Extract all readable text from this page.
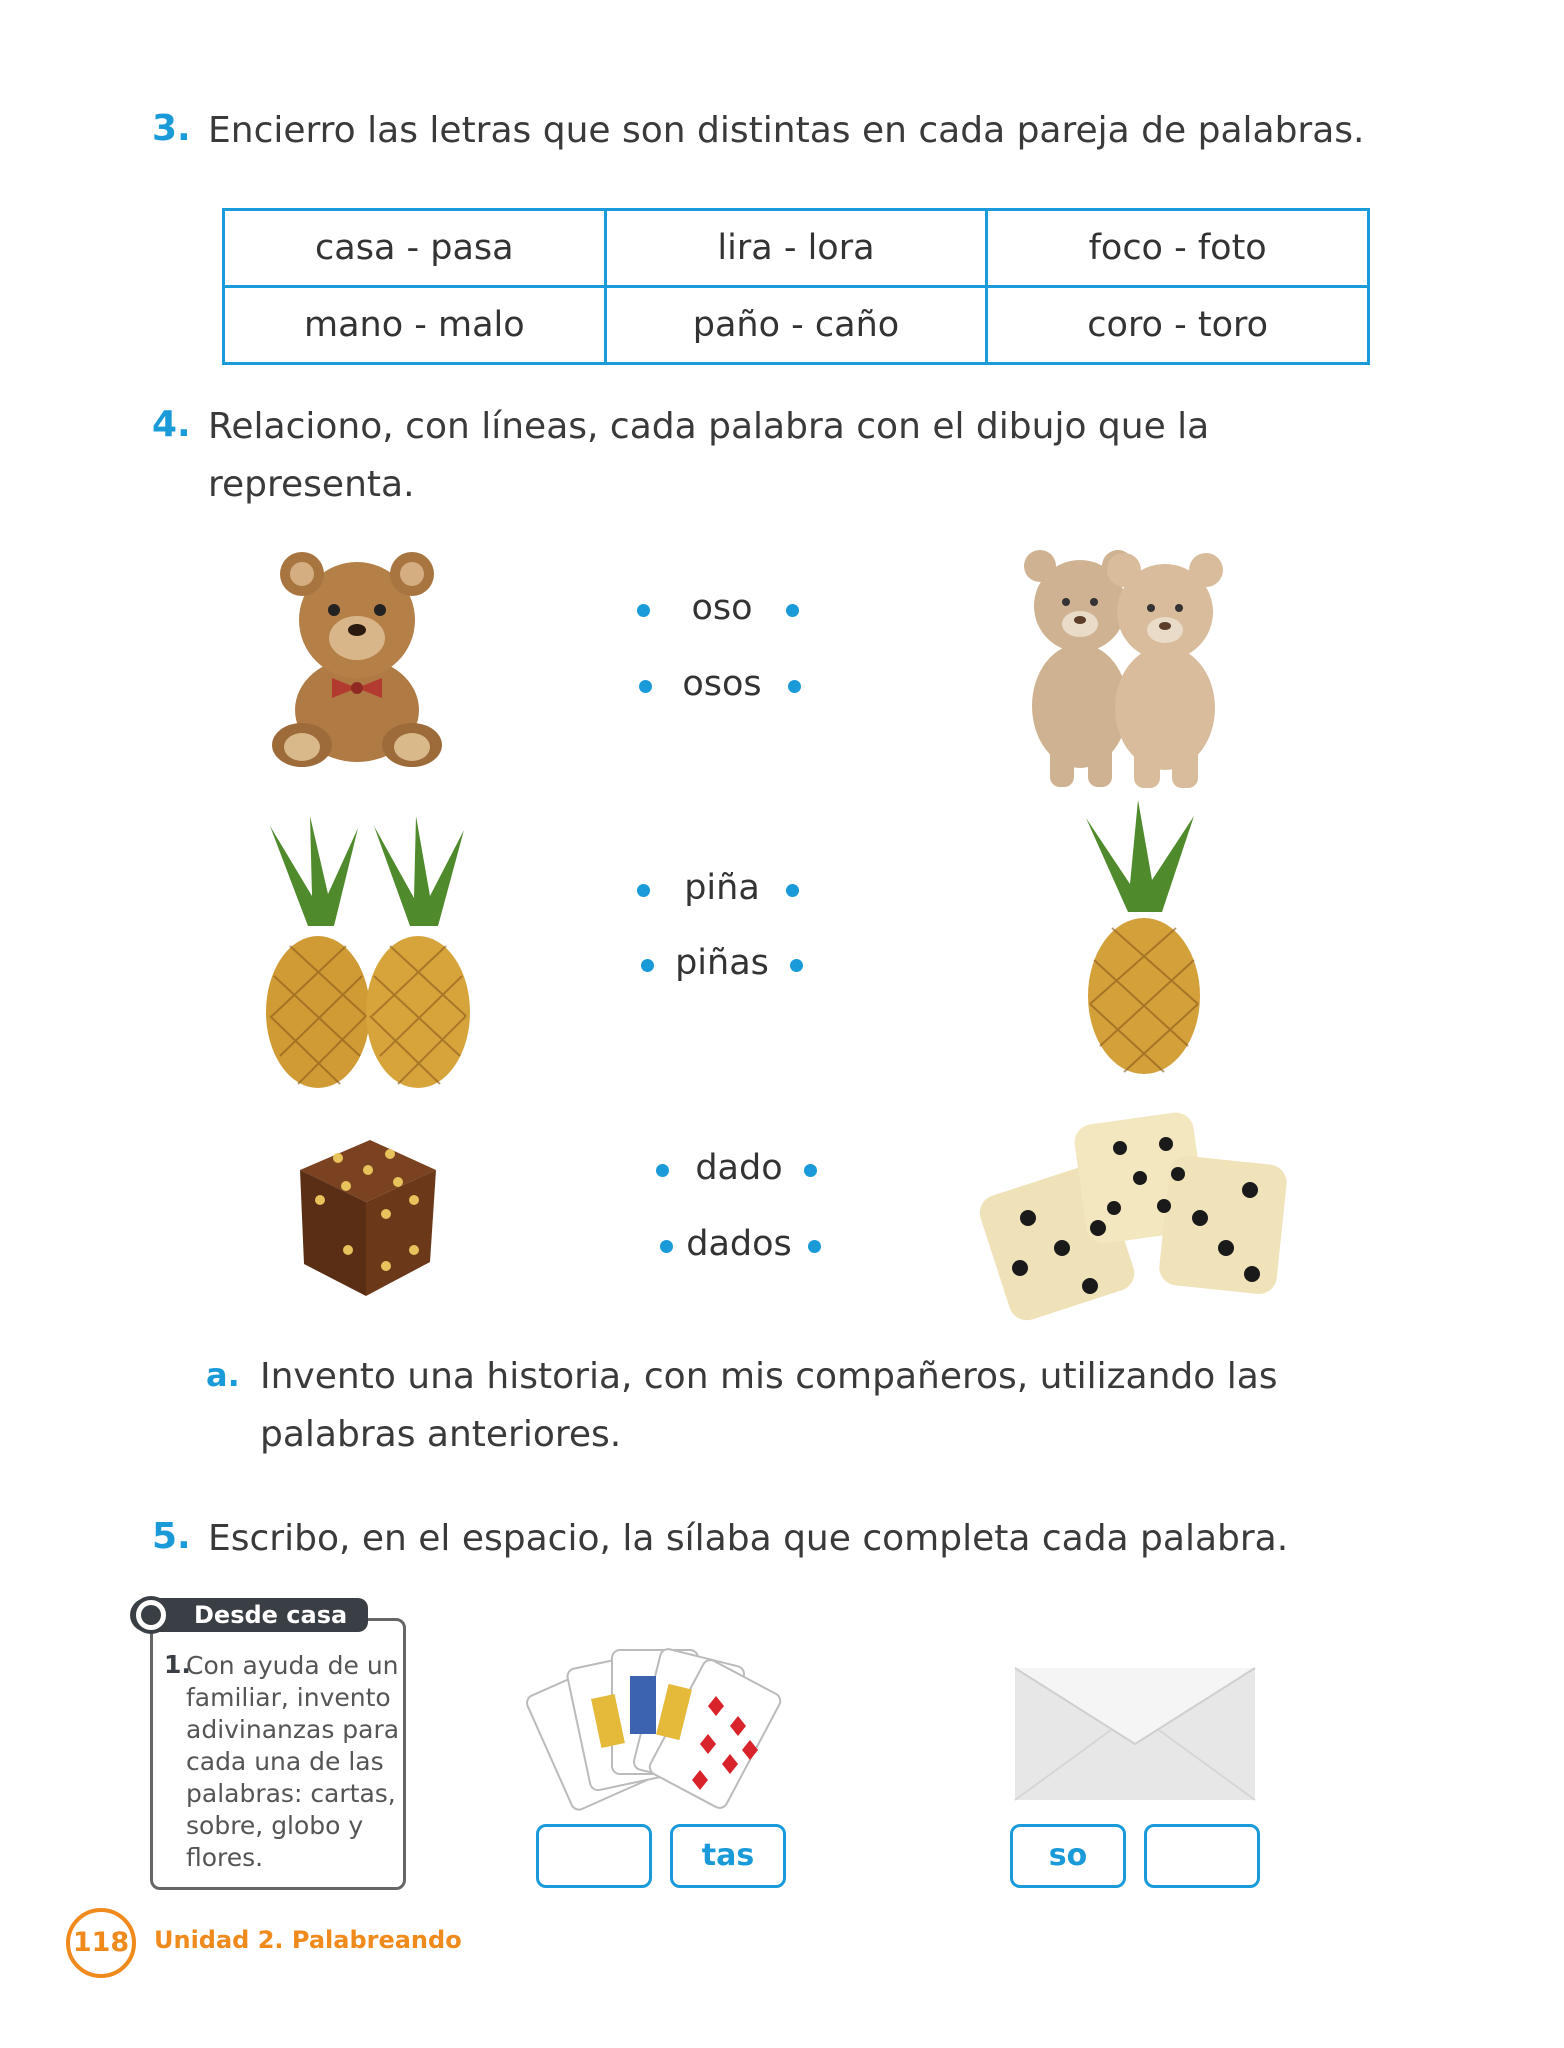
3. Encierro las letras que son distintas en cada pareja de palabras.
casa - pasa	lira - lora	foco - foto
mano - malo	paño - caño	coro - toro
4. Relaciono, con líneas, cada palabra con el dibujo que la
representa.
oso
osos
piña
piñas
dado
dados
a. Invento una historia, con mis compañeros, utilizando las
palabras anteriores.
5. Escribo, en el espacio, la sílaba que completa cada palabra.
Desde casa
1.
Con ayuda de un familiar, invento adivinanzas para cada una de las palabras: cartas, sobre, globo y flores.	tas	so
118 Unidad 2. Palabreando
